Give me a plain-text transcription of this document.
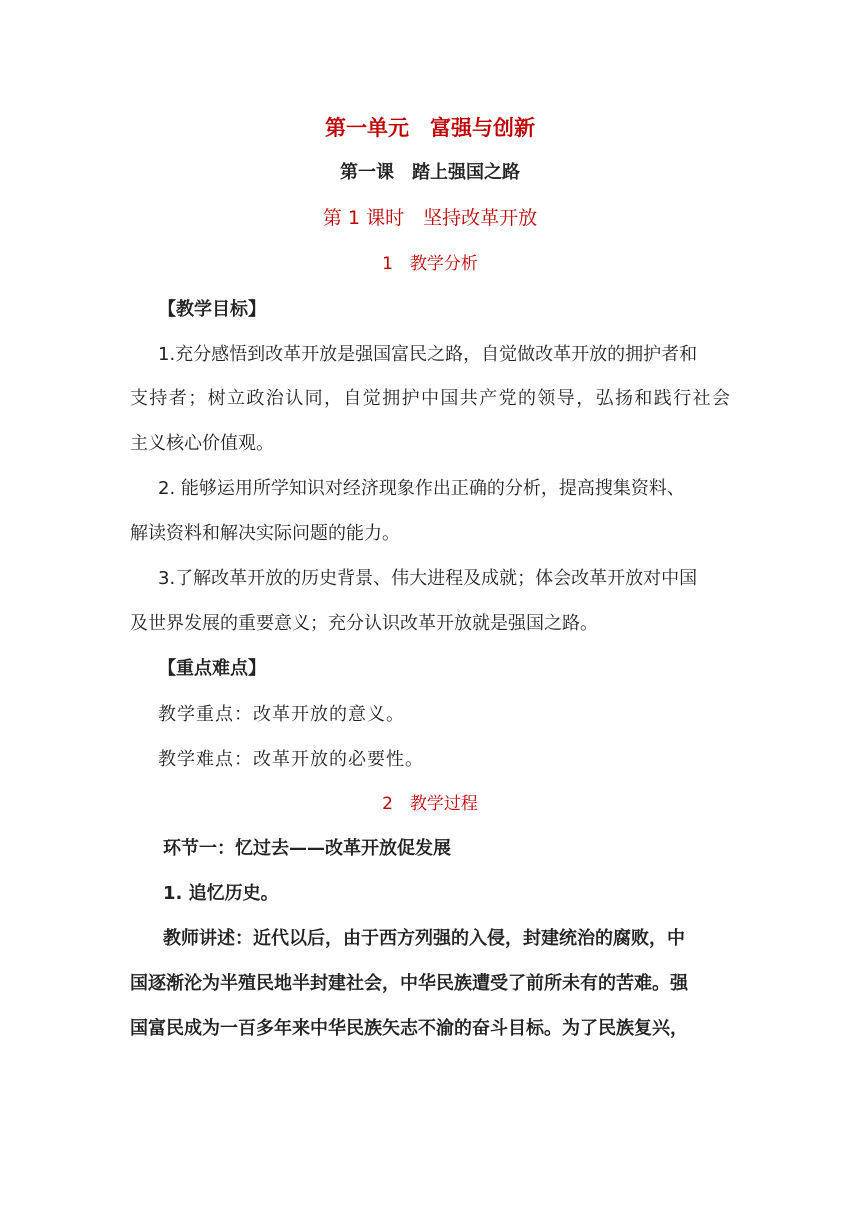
第一单元　富强与创新
第一课　踏上强国之路
第 1 课时　坚持改革开放
1　教学分析
【教学目标】
1.充分感悟到改革开放是强国富民之路，自觉做改革开放的拥护者和
支持者；树立政治认同，自觉拥护中国共产党的领导，弘扬和践行社会
主义核心价值观。
2. 能够运用所学知识对经济现象作出正确的分析，提高搜集资料、
解读资料和解决实际问题的能力。
3.了解改革开放的历史背景、伟大进程及成就；体会改革开放对中国
及世界发展的重要意义；充分认识改革开放就是强国之路。
【重点难点】
教学重点：改革开放的意义。
教学难点：改革开放的必要性。
2　教学过程
环节一：忆过去——改革开放促发展
1. 追忆历史。
教师讲述：近代以后，由于西方列强的入侵，封建统治的腐败，中
国逐渐沦为半殖民地半封建社会，中华民族遭受了前所未有的苦难。强
国富民成为一百多年来中华民族矢志不渝的奋斗目标。为了民族复兴，
